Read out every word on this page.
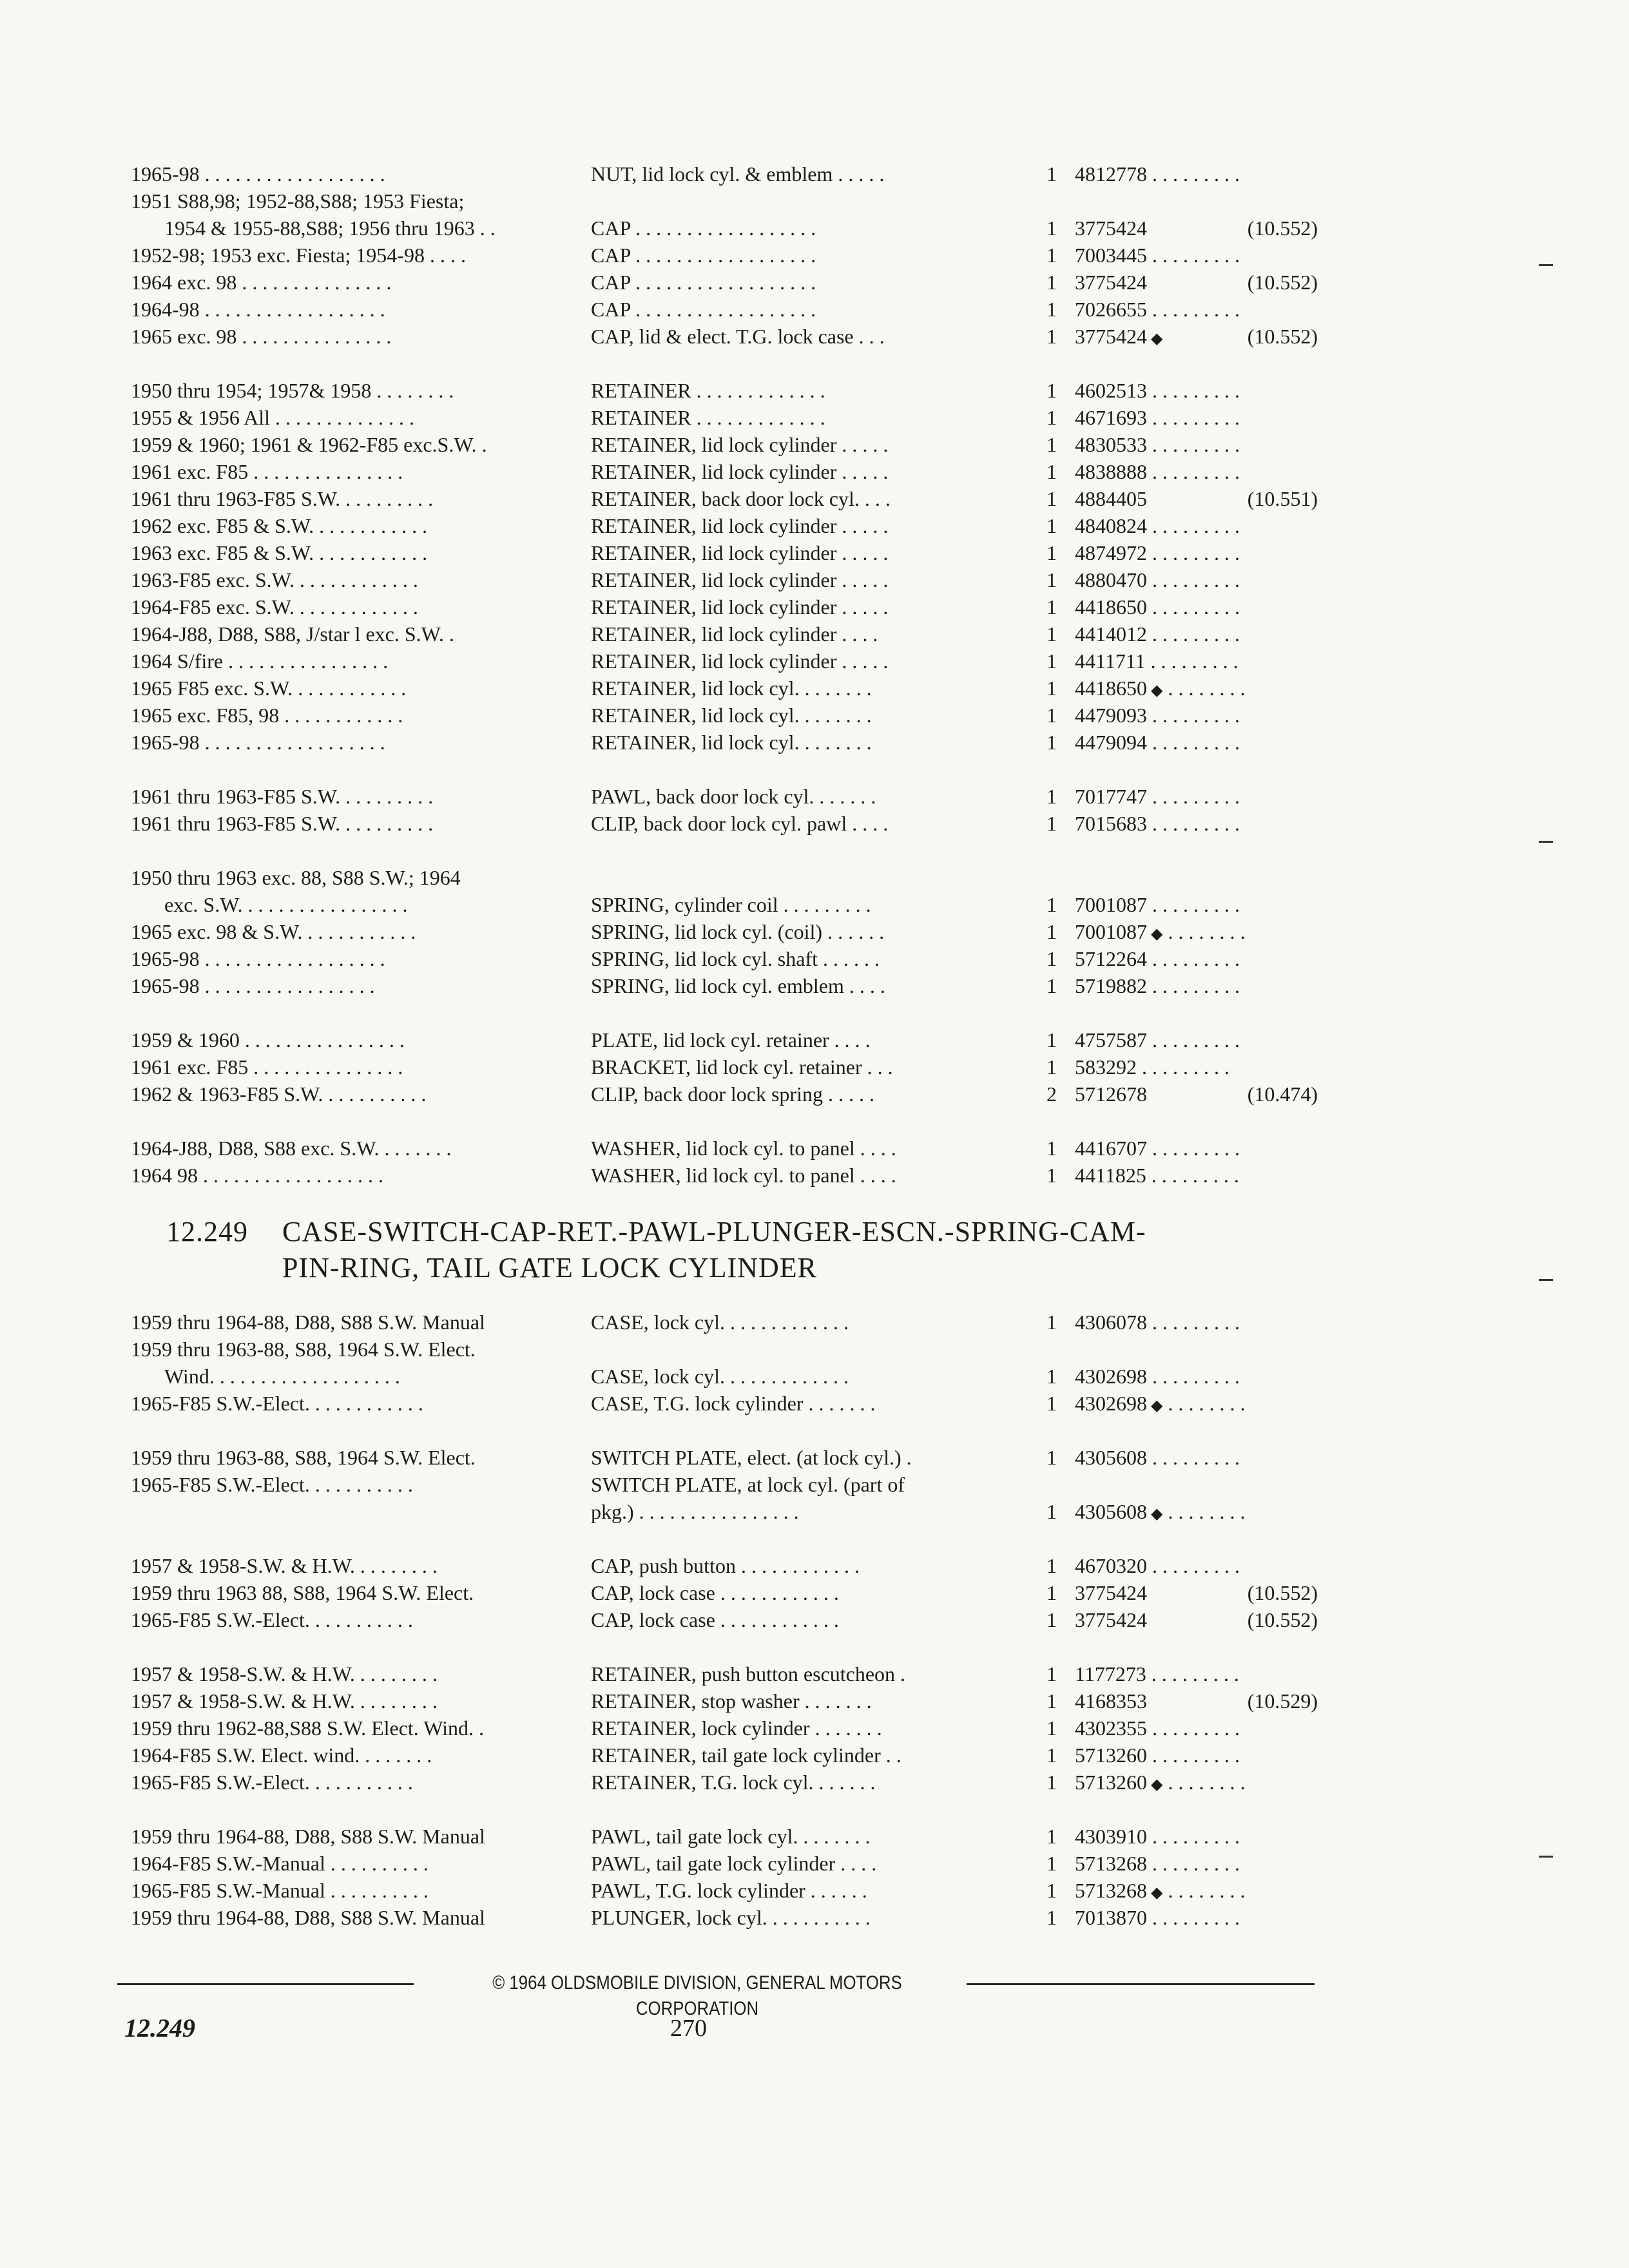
1965-98 . . . . . . . . . . . . . . . . . .	NUT, lid lock cyl. & emblem . . . . .	1 4812778 . . . . . . . . .
1951 S88,98; 1952-88,S88; 1953 Fiesta;
1954 & 1955-88,S88; 1956 thru 1963 . .	CAP . . . . . . . . . . . . . . . . . .	1 3775424	(10.552)
1952-98; 1953 exc. Fiesta; 1954-98 . . . .	CAP . . . . . . . . . . . . . . . . . .	1 7003445 . . . . . . . . .
1964 exc. 98 . . . . . . . . . . . . . . .	CAP . . . . . . . . . . . . . . . . . .	1 3775424	(10.552)
1964-98 . . . . . . . . . . . . . . . . . .	CAP . . . . . . . . . . . . . . . . . .	1 7026655 . . . . . . . . .
1965 exc. 98 . . . . . . . . . . . . . . .	CAP, lid & elect. T.G. lock case . . .	1 3775424 ◆	(10.552)
1950 thru 1954; 1957& 1958 . . . . . . . .	RETAINER . . . . . . . . . . . . .	1 4602513 . . . . . . . . .
1955 & 1956 All . . . . . . . . . . . . . .	RETAINER . . . . . . . . . . . . .	1 4671693 . . . . . . . . .
1959 & 1960; 1961 & 1962-F85 exc.S.W. .	RETAINER, lid lock cylinder . . . . .	1 4830533 . . . . . . . . .
1961 exc. F85 . . . . . . . . . . . . . . .	RETAINER, lid lock cylinder . . . . .	1 4838888 . . . . . . . . .
1961 thru 1963-F85 S.W. . . . . . . . . .	RETAINER, back door lock cyl. . . .	1 4884405	(10.551)
1962 exc. F85 & S.W. . . . . . . . . . . .	RETAINER, lid lock cylinder . . . . .	1 4840824 . . . . . . . . .
1963 exc. F85 & S.W. . . . . . . . . . . .	RETAINER, lid lock cylinder . . . . .	1 4874972 . . . . . . . . .
1963-F85 exc. S.W. . . . . . . . . . . . .	RETAINER, lid lock cylinder . . . . .	1 4880470 . . . . . . . . .
1964-F85 exc. S.W. . . . . . . . . . . . .	RETAINER, lid lock cylinder . . . . .	1 4418650 . . . . . . . . .
1964-J88, D88, S88, J/star l exc. S.W. .	RETAINER, lid lock cylinder . . . .	1 4414012 . . . . . . . . .
1964 S/fire . . . . . . . . . . . . . . . .	RETAINER, lid lock cylinder . . . . .	1 4411711 . . . . . . . . .
1965 F85 exc. S.W. . . . . . . . . . . .	RETAINER, lid lock cyl. . . . . . . .	1 4418650 ◆ . . . . . . . .
1965 exc. F85, 98 . . . . . . . . . . . .	RETAINER, lid lock cyl. . . . . . . .	1 4479093 . . . . . . . . .
1965-98 . . . . . . . . . . . . . . . . . .	RETAINER, lid lock cyl. . . . . . . .	1 4479094 . . . . . . . . .
1961 thru 1963-F85 S.W. . . . . . . . . .	PAWL, back door lock cyl. . . . . . .	1 7017747 . . . . . . . . .
1961 thru 1963-F85 S.W. . . . . . . . . .	CLIP, back door lock cyl. pawl . . . .	1 7015683 . . . . . . . . .
1950 thru 1963 exc. 88, S88 S.W.; 1964
exc. S.W. . . . . . . . . . . . . . . . .	SPRING, cylinder coil . . . . . . . . .	1 7001087 . . . . . . . . .
1965 exc. 98 & S.W. . . . . . . . . . . .	SPRING, lid lock cyl. (coil) . . . . . .	1 7001087 ◆ . . . . . . . .
1965-98 . . . . . . . . . . . . . . . . . .	SPRING, lid lock cyl. shaft . . . . . .	1 5712264 . . . . . . . . .
1965-98 . . . . . . . . . . . . . . . . .	SPRING, lid lock cyl. emblem . . . .	1 5719882 . . . . . . . . .
1959 & 1960 . . . . . . . . . . . . . . . .	PLATE, lid lock cyl. retainer . . . .	1 4757587 . . . . . . . . .
1961 exc. F85 . . . . . . . . . . . . . . .	BRACKET, lid lock cyl. retainer . . .	1 583292 . . . . . . . . .
1962 & 1963-F85 S.W. . . . . . . . . . .	CLIP, back door lock spring . . . . .	2 5712678	(10.474)
1964-J88, D88, S88 exc. S.W. . . . . . . .	WASHER, lid lock cyl. to panel . . . .	1 4416707 . . . . . . . . .
1964 98 . . . . . . . . . . . . . . . . . .	WASHER, lid lock cyl. to panel . . . .	1 4411825 . . . . . . . . .
12.249 CASE-SWITCH-CAP-RET.-PAWL-PLUNGER-ESCN.-SPRING-CAM-
PIN-RING, TAIL GATE LOCK CYLINDER
1959 thru 1964-88, D88, S88 S.W. Manual	CASE, lock cyl. . . . . . . . . . . . .	1 4306078 . . . . . . . . .
1959 thru 1963-88, S88, 1964 S.W. Elect.
Wind. . . . . . . . . . . . . . . . . . .	CASE, lock cyl. . . . . . . . . . . . .	1 4302698 . . . . . . . . .
1965-F85 S.W.-Elect. . . . . . . . . . . .	CASE, T.G. lock cylinder . . . . . . .	1 4302698 ◆ . . . . . . . .
1959 thru 1963-88, S88, 1964 S.W. Elect.	SWITCH PLATE, elect. (at lock cyl.) .	1 4305608 . . . . . . . . .
1965-F85 S.W.-Elect. . . . . . . . . . .	SWITCH PLATE, at lock cyl. (part of
pkg.) . . . . . . . . . . . . . . . .	1 4305608 ◆ . . . . . . . .
1957 & 1958-S.W. & H.W. . . . . . . . .	CAP, push button . . . . . . . . . . . .	1 4670320 . . . . . . . . .
1959 thru 1963 88, S88, 1964 S.W. Elect.	CAP, lock case . . . . . . . . . . . .	1 3775424	(10.552)
1965-F85 S.W.-Elect. . . . . . . . . . .	CAP, lock case . . . . . . . . . . . .	1 3775424	(10.552)
1957 & 1958-S.W. & H.W. . . . . . . . .	RETAINER, push button escutcheon .	1 1177273 . . . . . . . . .
1957 & 1958-S.W. & H.W. . . . . . . . .	RETAINER, stop washer . . . . . . .	1 4168353	(10.529)
1959 thru 1962-88,S88 S.W. Elect. Wind. .	RETAINER, lock cylinder . . . . . . .	1 4302355 . . . . . . . . .
1964-F85 S.W. Elect. wind. . . . . . . .	RETAINER, tail gate lock cylinder . .	1 5713260 . . . . . . . . .
1965-F85 S.W.-Elect. . . . . . . . . . .	RETAINER, T.G. lock cyl. . . . . . .	1 5713260 ◆ . . . . . . . .
1959 thru 1964-88, D88, S88 S.W. Manual	PAWL, tail gate lock cyl. . . . . . . .	1 4303910 . . . . . . . . .
1964-F85 S.W.-Manual . . . . . . . . . .	PAWL, tail gate lock cylinder . . . .	1 5713268 . . . . . . . . .
1965-F85 S.W.-Manual . . . . . . . . . .	PAWL, T.G. lock cylinder . . . . . .	1 5713268 ◆ . . . . . . . .
1959 thru 1964-88, D88, S88 S.W. Manual	PLUNGER, lock cyl. . . . . . . . . . .	1 7013870 . . . . . . . . .
© 1964 OLDSMOBILE DIVISION, GENERAL MOTORS CORPORATION
12.249	270
